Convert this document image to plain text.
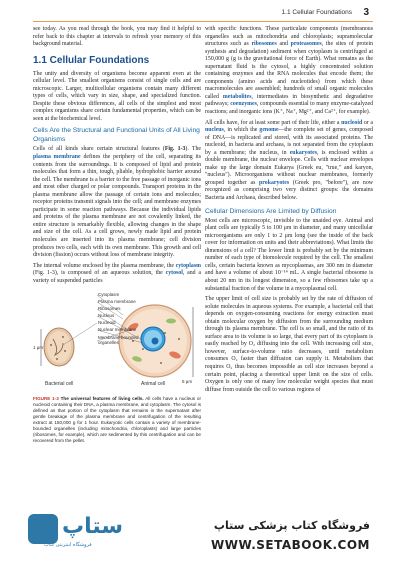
1.1 Cellular Foundations 3

see today. As you read through the book, you may find it helpful to refer back to this chapter at intervals to refresh your memory of this background material.

1.1 Cellular Foundations

The unity and diversity of organisms become apparent even at the cellular level. The smallest organisms consist of single cells and are microscopic. Larger, multicellular organisms contain many different types of cells, which vary in size, shape, and specialized function. Despite these obvious differences, all cells of the simplest and most complex organisms share certain fundamental properties, which can be seen at the biochemical level.

Cells Are the Structural and Functional Units of All Living Organisms

Cells of all kinds share certain structural features (Fig. 1-3). The plasma membrane defines the periphery of the cell, separating its contents from the surroundings. It is composed of lipid and protein molecules that form a thin, tough, pliable, hydrophobic barrier around the cell. The membrane is a barrier to the free passage of inorganic ions and most other charged or polar compounds. Transport proteins in the plasma membrane allow the passage of certain ions and molecules; receptor proteins transmit signals into the cell; and membrane enzymes participate in some reaction pathways. Because the individual lipids and proteins of the plasma membrane are not covalently linked, the entire structure is remarkably flexible, allowing changes in the shape and size of the cell. As a cell grows, newly made lipid and protein molecules are inserted into its plasma membrane; cell division produces two cells, each with its own membrane. This growth and cell division (fission) occurs without loss of membrane integrity.

The internal volume enclosed by the plasma membrane, the cytoplasm (Fig. 1-3), is composed of an aqueous solution, the cytosol, and a variety of suspended particles

Cytoplasm
Plasma membrane
Ribosomes
Nucleus
Nucleoid
Nuclear membrane
Membrane-bounded
organelles
1 μm
5 μm
Bacterial cell	Animal cell

FIGURE 1-3 The universal features of living cells. All cells have a nucleus or nucleoid containing their DNA, a plasma membrane, and cytoplasm. The cytosol is defined as that portion of the cytoplasm that remains in the supernatant after gentle breakage of the plasma membrane and centrifugation of the resulting extract at 150,000 g for 1 hour. Eukaryotic cells contain a variety of membrane-bounded organelles (including mitochondria, chloroplasts) and large particles (ribosomes, for example), which are sedimented by this centrifugation and can be recovered from the pellet.

with specific functions. These particulate components (membranous organelles such as mitochondria and chloroplasts; supramolecular structures such as ribosomes and proteasomes, the sites of protein synthesis and degradation) sediment when cytoplasm is centrifuged at 150,000 g (g is the gravitational force of Earth). What remains as the supernatant fluid is the cytosol, a highly concentrated solution containing enzymes and the RNA molecules that encode them; the components (amino acids and nucleotides) from which these macromolecules are assembled; hundreds of small organic molecules called metabolites, intermediates in biosynthetic and degradative pathways; coenzymes, compounds essential to many enzyme-catalyzed reactions; and inorganic ions (K⁺, Na⁺, Mg²⁺, and Ca²⁺, for example).

All cells have, for at least some part of their life, either a nucleoid or a nucleus, in which the genome—the complete set of genes, composed of DNA—is replicated and stored, with its associated proteins. The nucleoid, in bacteria and archaea, is not separated from the cytoplasm by a membrane; the nucleus, in eukaryotes, is enclosed within a double membrane, the nuclear envelope. Cells with nuclear envelopes make up the large domain Eukarya (Greek eu, "true," and karyon, "nucleus"). Microorganisms without nuclear membranes, formerly grouped together as prokaryotes (Greek pro, "before"), are now recognized as comprising two very distinct groups: the domains Bacteria and Archaea, described below.

Cellular Dimensions Are Limited by Diffusion

Most cells are microscopic, invisible to the unaided eye. Animal and plant cells are typically 5 to 100 μm in diameter, and many unicellular microorganisms are only 1 to 2 μm long (see the inside of the back cover for information on units and their abbreviations). What limits the dimensions of a cell? The lower limit is probably set by the minimum number of each type of biomolecule required by the cell. The smallest cells, certain bacteria known as mycoplasmas, are 300 nm in diameter and have a volume of about 10⁻¹⁴ mL. A single bacterial ribosome is about 20 nm in its longest dimension, so a few ribosomes take up a substantial fraction of the volume in a mycoplasmal cell.

The upper limit of cell size is probably set by the rate of diffusion of solute molecules in aqueous systems. For example, a bacterial cell that depends on oxygen-consuming reactions for energy extraction must obtain molecular oxygen by diffusion from the surrounding medium through its plasma membrane. The cell is so small, and the ratio of its surface area to its volume is so large, that every part of its cytoplasm is easily reached by O₂ diffusing into the cell. With increasing cell size, however, surface-to-volume ratio decreases, until metabolism consumes O₂ faster than diffusion can supply it. Metabolism that requires O₂ thus becomes impossible as cell size increases beyond a certain point, placing a theoretical upper limit on the size of cells. Oxygen is only one of many low molecular weight species that must diffuse from outside the cell to various regions of

ستاپ
فروشگاه اینترنتی کتاب
فروشگاه کتاب پزشکی ستاپ
WWW.SETABOOK.COM
